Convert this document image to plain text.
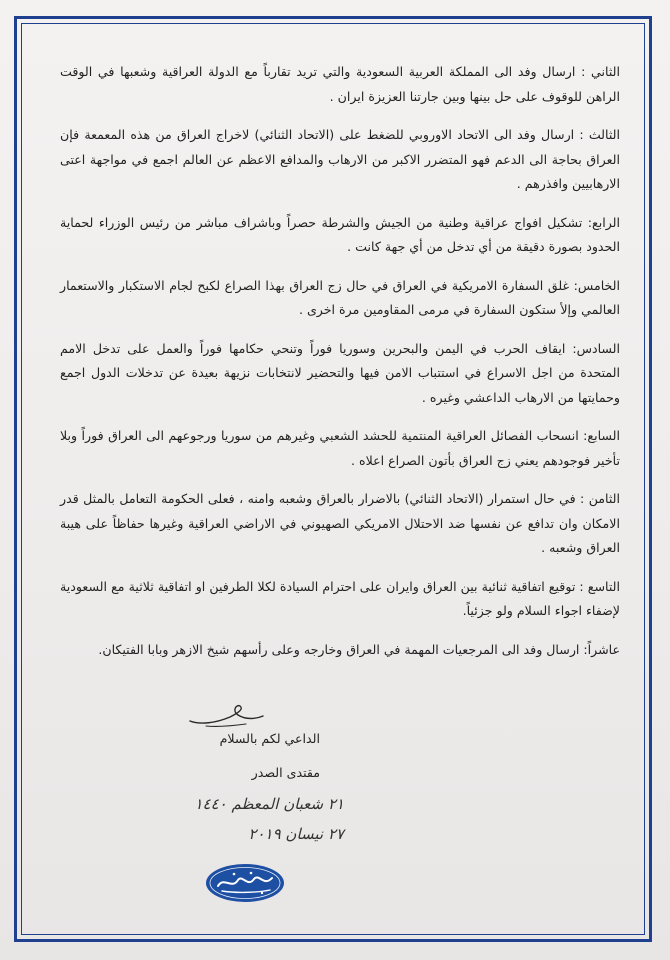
الثاني : ارسال وفد الى المملكة العربية السعودية والتي تريد تقارباً مع الدولة العراقية وشعبها في الوقت الراهن للوقوف على حل بينها وبين جارتنا العزيزة ايران .

الثالث : ارسال وفد الى الاتحاد الاوروبي للضغط على (الاتحاد الثنائي) لاخراج العراق من هذه المعمعة فإن العراق بحاجة الى الدعم فهو المتضرر الاكبر من الارهاب والمدافع الاعظم عن العالم اجمع في مواجهة اعتى الارهابيين وافذرهم .

الرابع: تشكيل افواج عراقية وطنية من الجيش والشرطة حصراً وباشراف مباشر من رئيس الوزراء لحماية الحدود بصورة دقيقة من أي تدخل من أي جهة كانت .

الخامس: غلق السفارة الامريكية في العراق في حال زج العراق بهذا الصراع لكبح لجام الاستكبار والاستعمار العالمي وإلأ ستكون السفارة في مرمى المقاومين مرة اخرى .

السادس: ايقاف الحرب في اليمن والبحرين وسوريا فوراً وتنحي حكامها فوراً والعمل على تدخل الامم المتحدة من اجل الاسراع في استتباب الامن فيها والتحضير لانتخابات نزيهة بعيدة عن تدخلات الدول اجمع وحمايتها من الارهاب الداعشي وغيره .

السابع: انسحاب الفصائل العراقية المنتمية للحشد الشعبي وغيرهم من سوريا ورجوعهم الى العراق فوراً وبلا تأخير فوجودهم يعني زج العراق بأتون الصراع اعلاه .

الثامن : في حال استمرار (الاتحاد الثنائي) بالاضرار بالعراق وشعبه وامنه ، فعلى الحكومة التعامل بالمثل قدر الامكان وان تدافع عن نفسها ضد الاحتلال الامريكي الصهيوني في الاراضي العراقية وغيرها حفاظاً على هيبة العراق وشعبه .

التاسع : توقيع اتفاقية ثنائية بين العراق وايران على احترام السيادة لكلا الطرفين او اتفاقية ثلاثية مع السعودية لإضفاء اجواء السلام ولو جزئياً.

عاشراً: ارسال وفد الى المرجعيات المهمة في العراق وخارجه وعلى رأسهم شيخ الازهر وبابا الفتيكان.

الداعي لكم بالسلام
مقتدى الصدر
٢١ شعبان المعظم ١٤٤٠
٢٧ نيسان ٢٠١٩
